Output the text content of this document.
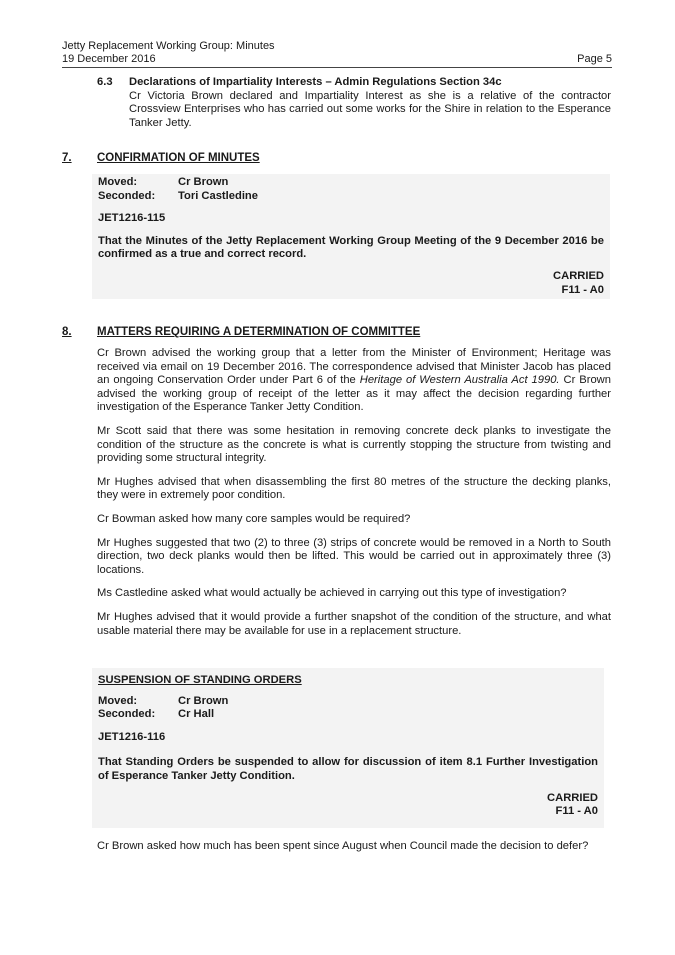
Jetty Replacement Working Group: Minutes
19 December 2016	Page 5
6.3 Declarations of Impartiality Interests – Admin Regulations Section 34c
Cr Victoria Brown declared and Impartiality Interest as she is a relative of the contractor Crossview Enterprises who has carried out some works for the Shire in relation to the Esperance Tanker Jetty.
7. CONFIRMATION OF MINUTES
Moved:	Cr Brown
Seconded:	Tori Castledine
JET1216-115
That the Minutes of the Jetty Replacement Working Group Meeting of the 9 December 2016 be confirmed as a true and correct record.
CARRIED
F11 - A0
8. MATTERS REQUIRING A DETERMINATION OF COMMITTEE

Cr Brown advised the working group that a letter from the Minister of Environment; Heritage was received via email on 19 December 2016. The correspondence advised that Minister Jacob has placed an ongoing Conservation Order under Part 6 of the Heritage of Western Australia Act 1990. Cr Brown advised the working group of receipt of the letter as it may affect the decision regarding further investigation of the Esperance Tanker Jetty Condition.

Mr Scott said that there was some hesitation in removing concrete deck planks to investigate the condition of the structure as the concrete is what is currently stopping the structure from twisting and providing some structural integrity.

Mr Hughes advised that when disassembling the first 80 metres of the structure the decking planks, they were in extremely poor condition.

Cr Bowman asked how many core samples would be required?

Mr Hughes suggested that two (2) to three (3) strips of concrete would be removed in a North to South direction, two deck planks would then be lifted. This would be carried out in approximately three (3) locations.

Ms Castledine asked what would actually be achieved in carrying out this type of investigation?

Mr Hughes advised that it would provide a further snapshot of the condition of the structure, and what usable material there may be available for use in a replacement structure.

SUSPENSION OF STANDING ORDERS
Moved:	Cr Brown
Seconded:	Cr Hall
JET1216-116
That Standing Orders be suspended to allow for discussion of item 8.1 Further Investigation of Esperance Tanker Jetty Condition.
CARRIED
F11 - A0

Cr Brown asked how much has been spent since August when Council made the decision to defer?
